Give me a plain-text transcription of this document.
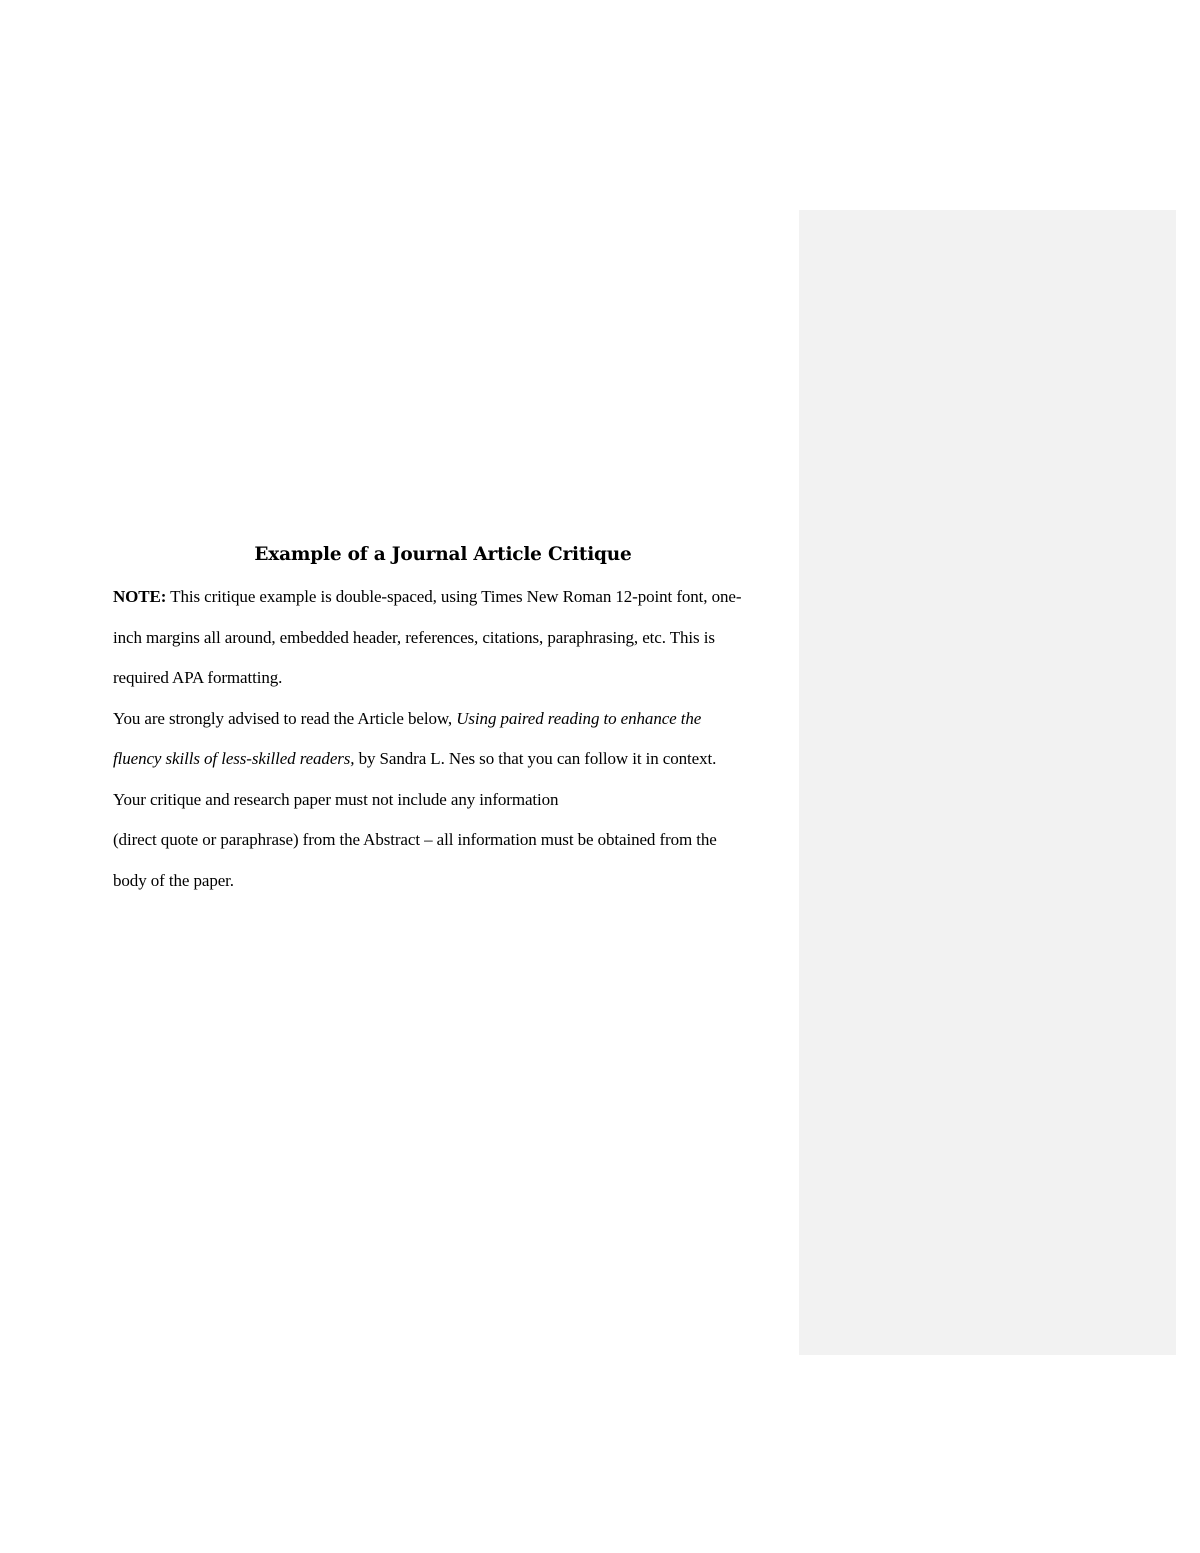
Example of a Journal Article Critique

NOTE: This critique example is double-spaced, using Times New Roman 12-point font, one-

inch margins all around, embedded header, references, citations, paraphrasing, etc. This is

required APA formatting.

You are strongly advised to read the Article below, Using paired reading to enhance the

fluency skills of less-skilled readers, by Sandra L. Nes so that you can follow it in context.

Your critique and research paper must not include any information

(direct quote or paraphrase) from the Abstract – all information must be obtained from the

body of the paper.
